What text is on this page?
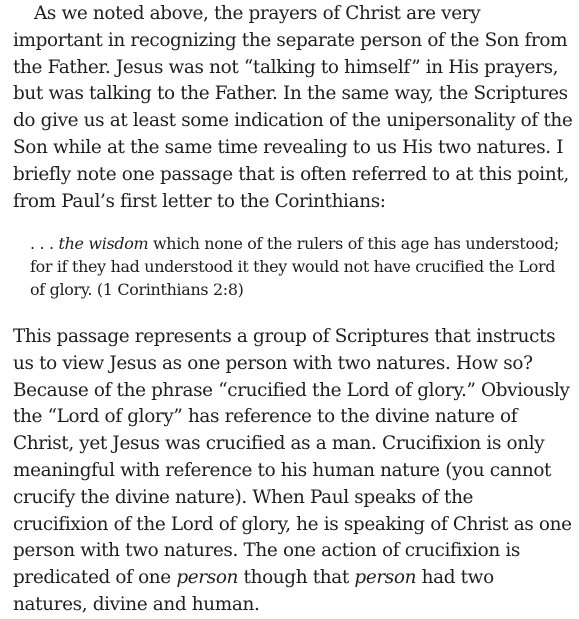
As we noted above, the prayers of Christ are very important in recognizing the separate person of the Son from the Father. Jesus was not “talking to himself” in His prayers, but was talking to the Father. In the same way, the Scriptures do give us at least some indication of the unipersonality of the Son while at the same time revealing to us His two natures. I briefly note one passage that is often referred to at this point, from Paul’s first letter to the Corinthians:

. . . the wisdom which none of the rulers of this age has understood; for if they had understood it they would not have crucified the Lord of glory. (1 Corinthians 2:8)

This passage represents a group of Scriptures that instructs us to view Jesus as one person with two natures. How so? Because of the phrase “crucified the Lord of glory.” Obviously the “Lord of glory” has reference to the divine nature of Christ, yet Jesus was crucified as a man. Crucifixion is only meaningful with reference to his human nature (you cannot crucify the divine nature). When Paul speaks of the crucifixion of the Lord of glory, he is speaking of Christ as one person with two natures. The one action of crucifixion is predicated of one person though that person had two natures, divine and human.
